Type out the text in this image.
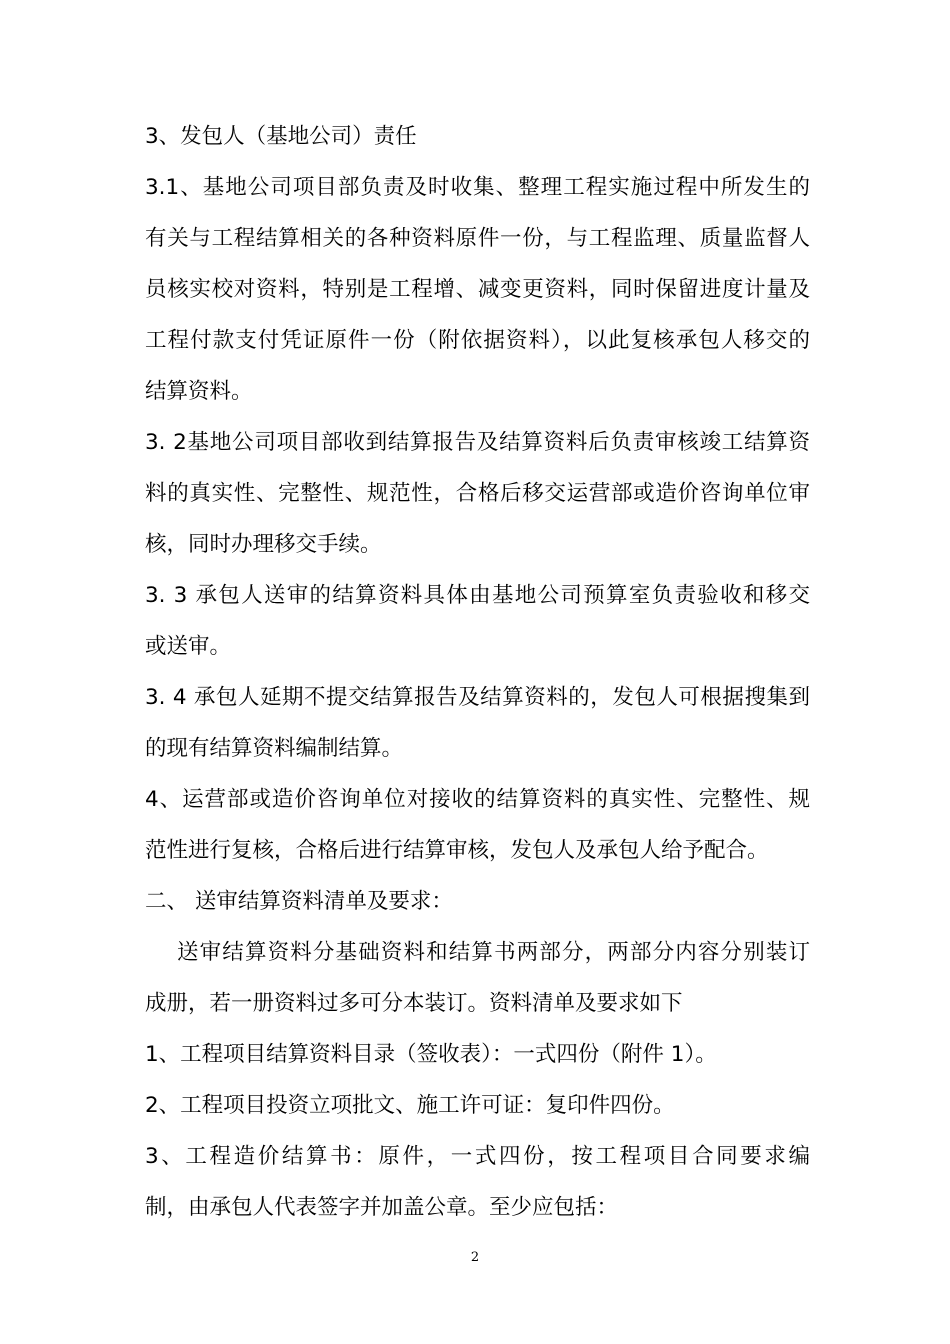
3、发包人（基地公司）责任
3.1、基地公司项目部负责及时收集、整理工程实施过程中所发生的
有关与工程结算相关的各种资料原件一份，与工程监理、质量监督人
员核实校对资料，特别是工程增、减变更资料，同时保留进度计量及
工程付款支付凭证原件一份（附依据资料），以此复核承包人移交的
结算资料。
3. 2基地公司项目部收到结算报告及结算资料后负责审核竣工结算资
料的真实性、完整性、规范性，合格后移交运营部或造价咨询单位审
核，同时办理移交手续。
3. 3 承包人送审的结算资料具体由基地公司预算室负责验收和移交
或送审。
3. 4 承包人延期不提交结算报告及结算资料的，发包人可根据搜集到
的现有结算资料编制结算。
4、运营部或造价咨询单位对接收的结算资料的真实性、完整性、规
范性进行复核，合格后进行结算审核，发包人及承包人给予配合。
二、 送审结算资料清单及要求：
送审结算资料分基础资料和结算书两部分，两部分内容分别装订
成册，若一册资料过多可分本装订。资料清单及要求如下
1、工程项目结算资料目录（签收表）：一式四份（附件 1）。
2、工程项目投资立项批文、施工许可证：复印件四份。
3、工程造价结算书：原件，一式四份，按工程项目合同要求编
制，由承包人代表签字并加盖公章。至少应包括：
2
